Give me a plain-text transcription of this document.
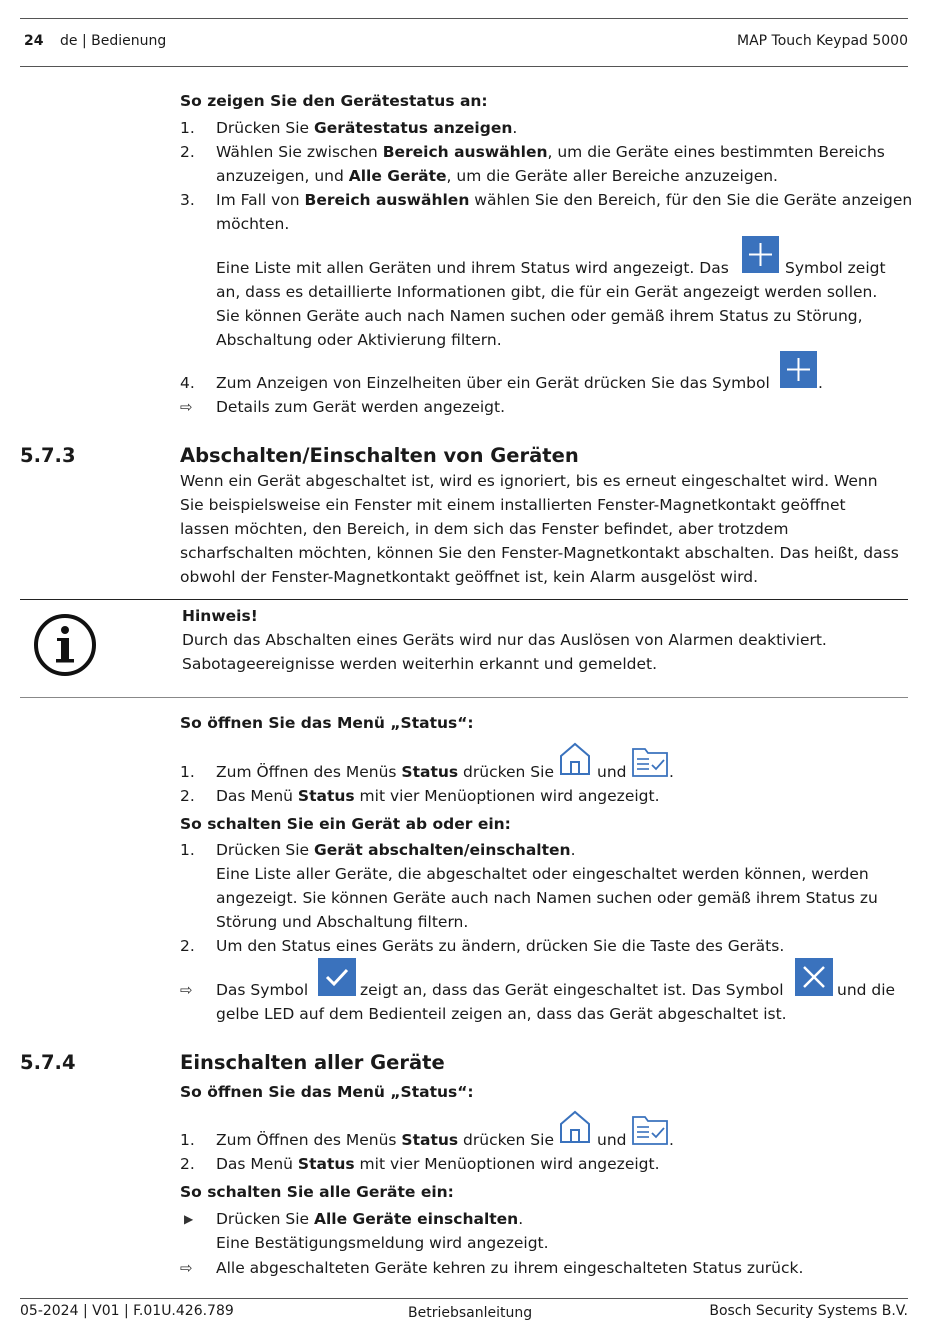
24 de | Bedienung	MAP Touch Keypad 5000
So zeigen Sie den Gerätestatus an:
1. Drücken Sie Gerätestatus anzeigen.
2. Wählen Sie zwischen Bereich auswählen, um die Geräte eines bestimmten Bereichs
anzuzeigen, und Alle Geräte, um die Geräte aller Bereiche anzuzeigen.
3. Im Fall von Bereich auswählen wählen Sie den Bereich, für den Sie die Geräte anzeigen
möchten.
Eine Liste mit allen Geräten und ihrem Status wird angezeigt. Das	Symbol zeigt
an, dass es detaillierte Informationen gibt, die für ein Gerät angezeigt werden sollen.
Sie können Geräte auch nach Namen suchen oder gemäß ihrem Status zu Störung,
Abschaltung oder Aktivierung filtern.
4. Zum Anzeigen von Einzelheiten über ein Gerät drücken Sie das Symbol	.
⇨ Details zum Gerät werden angezeigt.
5.7.3	Abschalten/Einschalten von Geräten
Wenn ein Gerät abgeschaltet ist, wird es ignoriert, bis es erneut eingeschaltet wird. Wenn
Sie beispielsweise ein Fenster mit einem installierten Fenster-Magnetkontakt geöffnet
lassen möchten, den Bereich, in dem sich das Fenster befindet, aber trotzdem
scharfschalten möchten, können Sie den Fenster-Magnetkontakt abschalten. Das heißt, dass
obwohl der Fenster-Magnetkontakt geöffnet ist, kein Alarm ausgelöst wird.
Hinweis!
Durch das Abschalten eines Geräts wird nur das Auslösen von Alarmen deaktiviert.
Sabotageereignisse werden weiterhin erkannt und gemeldet.
So öffnen Sie das Menü „Status“:
1. Zum Öffnen des Menüs Status drücken Sie	und	.
2. Das Menü Status mit vier Menüoptionen wird angezeigt.
So schalten Sie ein Gerät ab oder ein:
1. Drücken Sie Gerät abschalten/einschalten.
Eine Liste aller Geräte, die abgeschaltet oder eingeschaltet werden können, werden
angezeigt. Sie können Geräte auch nach Namen suchen oder gemäß ihrem Status zu
Störung und Abschaltung filtern.
2. Um den Status eines Geräts zu ändern, drücken Sie die Taste des Geräts.
⇨ Das Symbol	zeigt an, dass das Gerät eingeschaltet ist. Das Symbol	und die
gelbe LED auf dem Bedienteil zeigen an, dass das Gerät abgeschaltet ist.
5.7.4	Einschalten aller Geräte
So öffnen Sie das Menü „Status“:
1. Zum Öffnen des Menüs Status drücken Sie	und	.
2. Das Menü Status mit vier Menüoptionen wird angezeigt.
So schalten Sie alle Geräte ein:
▶ Drücken Sie Alle Geräte einschalten.
Eine Bestätigungsmeldung wird angezeigt.
⇨ Alle abgeschalteten Geräte kehren zu ihrem eingeschalteten Status zurück.
05-2024 | V01 | F.01U.426.789	Betriebsanleitung	Bosch Security Systems B.V.
